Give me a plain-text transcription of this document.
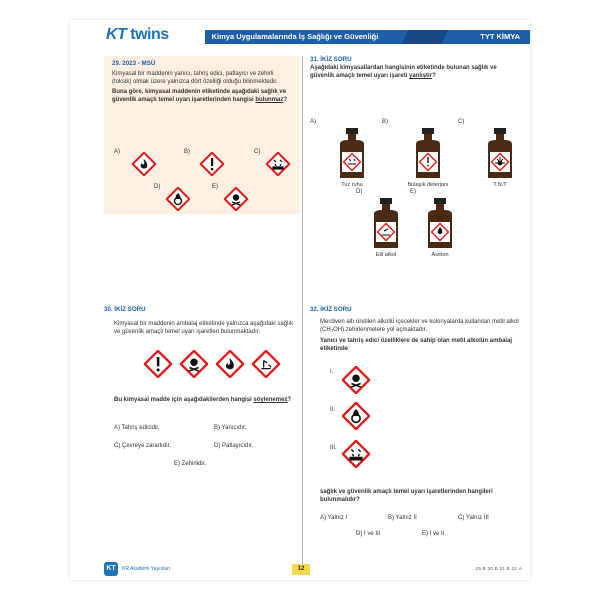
KT twins	Kimya Uygulamalarında İş Sağlığı ve Güvenliği	TYT KİMYA
29. 2023 - MSÜ

Kimyasal bir maddenin yanıcı, tahriş edici, patlayıcı ve zehirli (toksik) olmak üzere yalnızca dört özelliği olduğu bilinmektedir.

Buna göre, kimyasal maddenin etiketinde aşağıdaki sağlık ve güvenlik amaçlı temel uyarı işaretlerinden hangisi bulunmaz?

A)	B)	C)
D)	E)
31. İKİZ SORU

Aşağıdaki kimyasallardan hangisinin etiketinde bulunan sağlık ve güvenlik amaçlı temel uyarı işareti yanlıştır?

A)	B)	C)
D)	E)
Tuz ruhu	Bulaşık deterjanı	T.N.T
Etil alkol	Aseton
30. İKİZ SORU

Kimyasal bir maddenin ambalaj etiketinde yalnızca aşağıdaki sağlık ve güvenlik amaçlı temel uyarı işaretleri bulunmaktadır.

Bu kimyasal madde için aşağıdakilerden hangisi söylenemez?

A) Tahriş edicidir.	B) Yanıcıdır.
C) Çevreye zararlıdır.	D) Patlayıcıdır.
E) Zehirlidir.
32. İKİZ SORU

Merdiven altı üretilen alkollü içecekler ve kolonyalarda kullanılan metil alkol (CH₃OH) zehirlenmelere yol açmaktadır.

Yanıcı ve tahriş edici özelliklere de sahip olan metil alkolün ambalaj etiketinde

I.
II.
III.

sağlık ve güvenlik amaçlı temel uyarı işaretlerinden hangileri bulunmalıdır?

A) Yalnız I	B) Yalnız II	C) Yalnız III
D) I ve III	E) I ve II
KT	KR Akademi Yayınları	12	29.B 30.B 31.B 32.A
